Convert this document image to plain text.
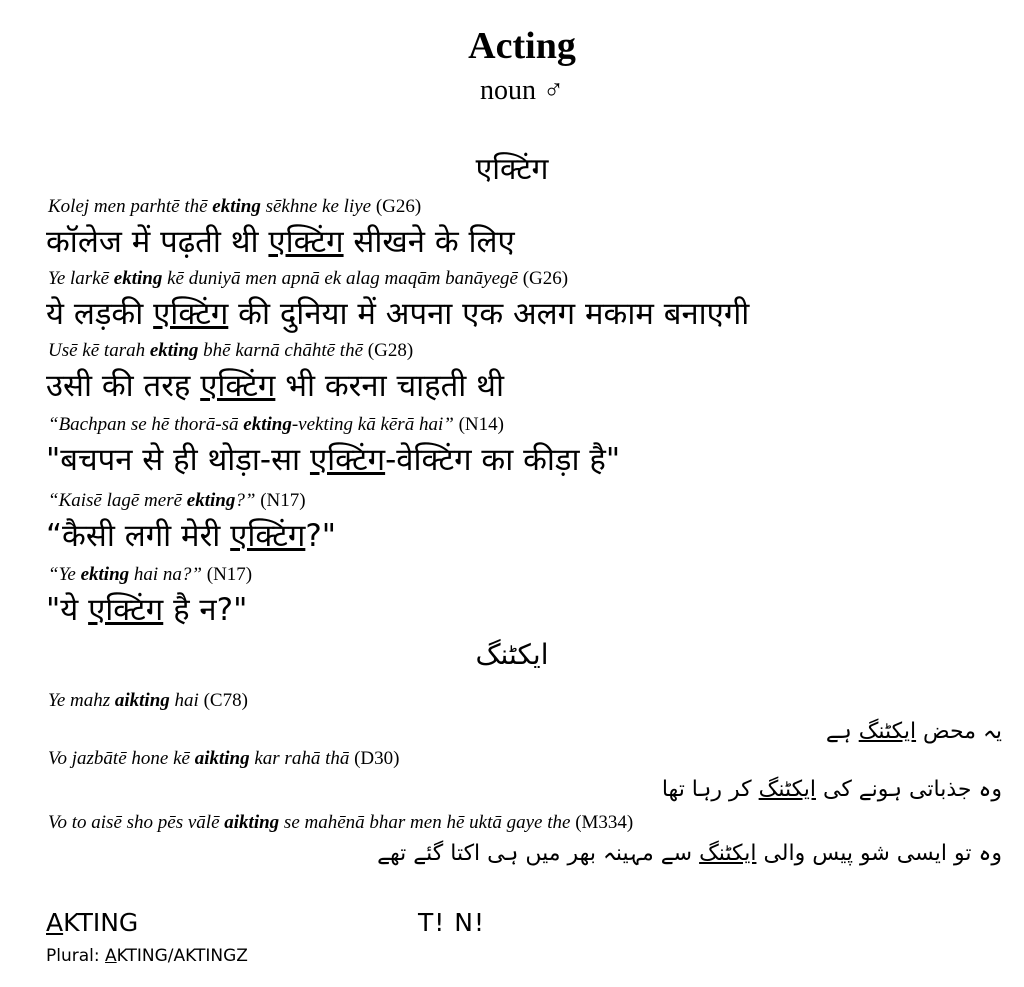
Acting
noun ♂
एक्टिंग
Kolej men parhtē thē ekting sēkhne ke liye (G26)
कॉलेज में पढ़ती थी एक्टिंग सीखने के लिए
Ye larkē ekting kē duniyā men apnā ek alag maqām banāyegē (G26)
ये लड़की एक्टिंग की दुनिया में अपना एक अलग मकाम बनाएगी
Usē kē tarah ekting bhē karnā chāhtē thē (G28)
उसी की तरह एक्टिंग भी करना चाहती थी
“Bachpan se hē thorā-sā ekting-vekting kā kērā hai” (N14)
"बचपन से ही थोड़ा-सा एक्टिंग-वेक्टिंग का कीड़ा है"
“Kaisē lagē merē ekting?” (N17)
“कैसी लगी मेरी एक्टिंग?"
“Ye ekting hai na?” (N17)
"ये एक्टिंग है न?"
ایکٹنگ
Ye mahz aikting hai (C78)
یہ محض ایکٹنگ ہے
Vo jazbātē hone kē aikting kar rahā thā (D30)
وہ جذباتی ہونے کی ایکٹنگ کر رہا تھا
Vo to aisē sho pēs vālē aikting se mahēnā bhar men hē uktā gaye the (M334)
وہ تو ایسی شو پیس والی ایکٹنگ سے مہینہ بھر میں ہی اکتا گئے تھے
AKTING	T! N!
Plural: AKTING/AKTINGZ
